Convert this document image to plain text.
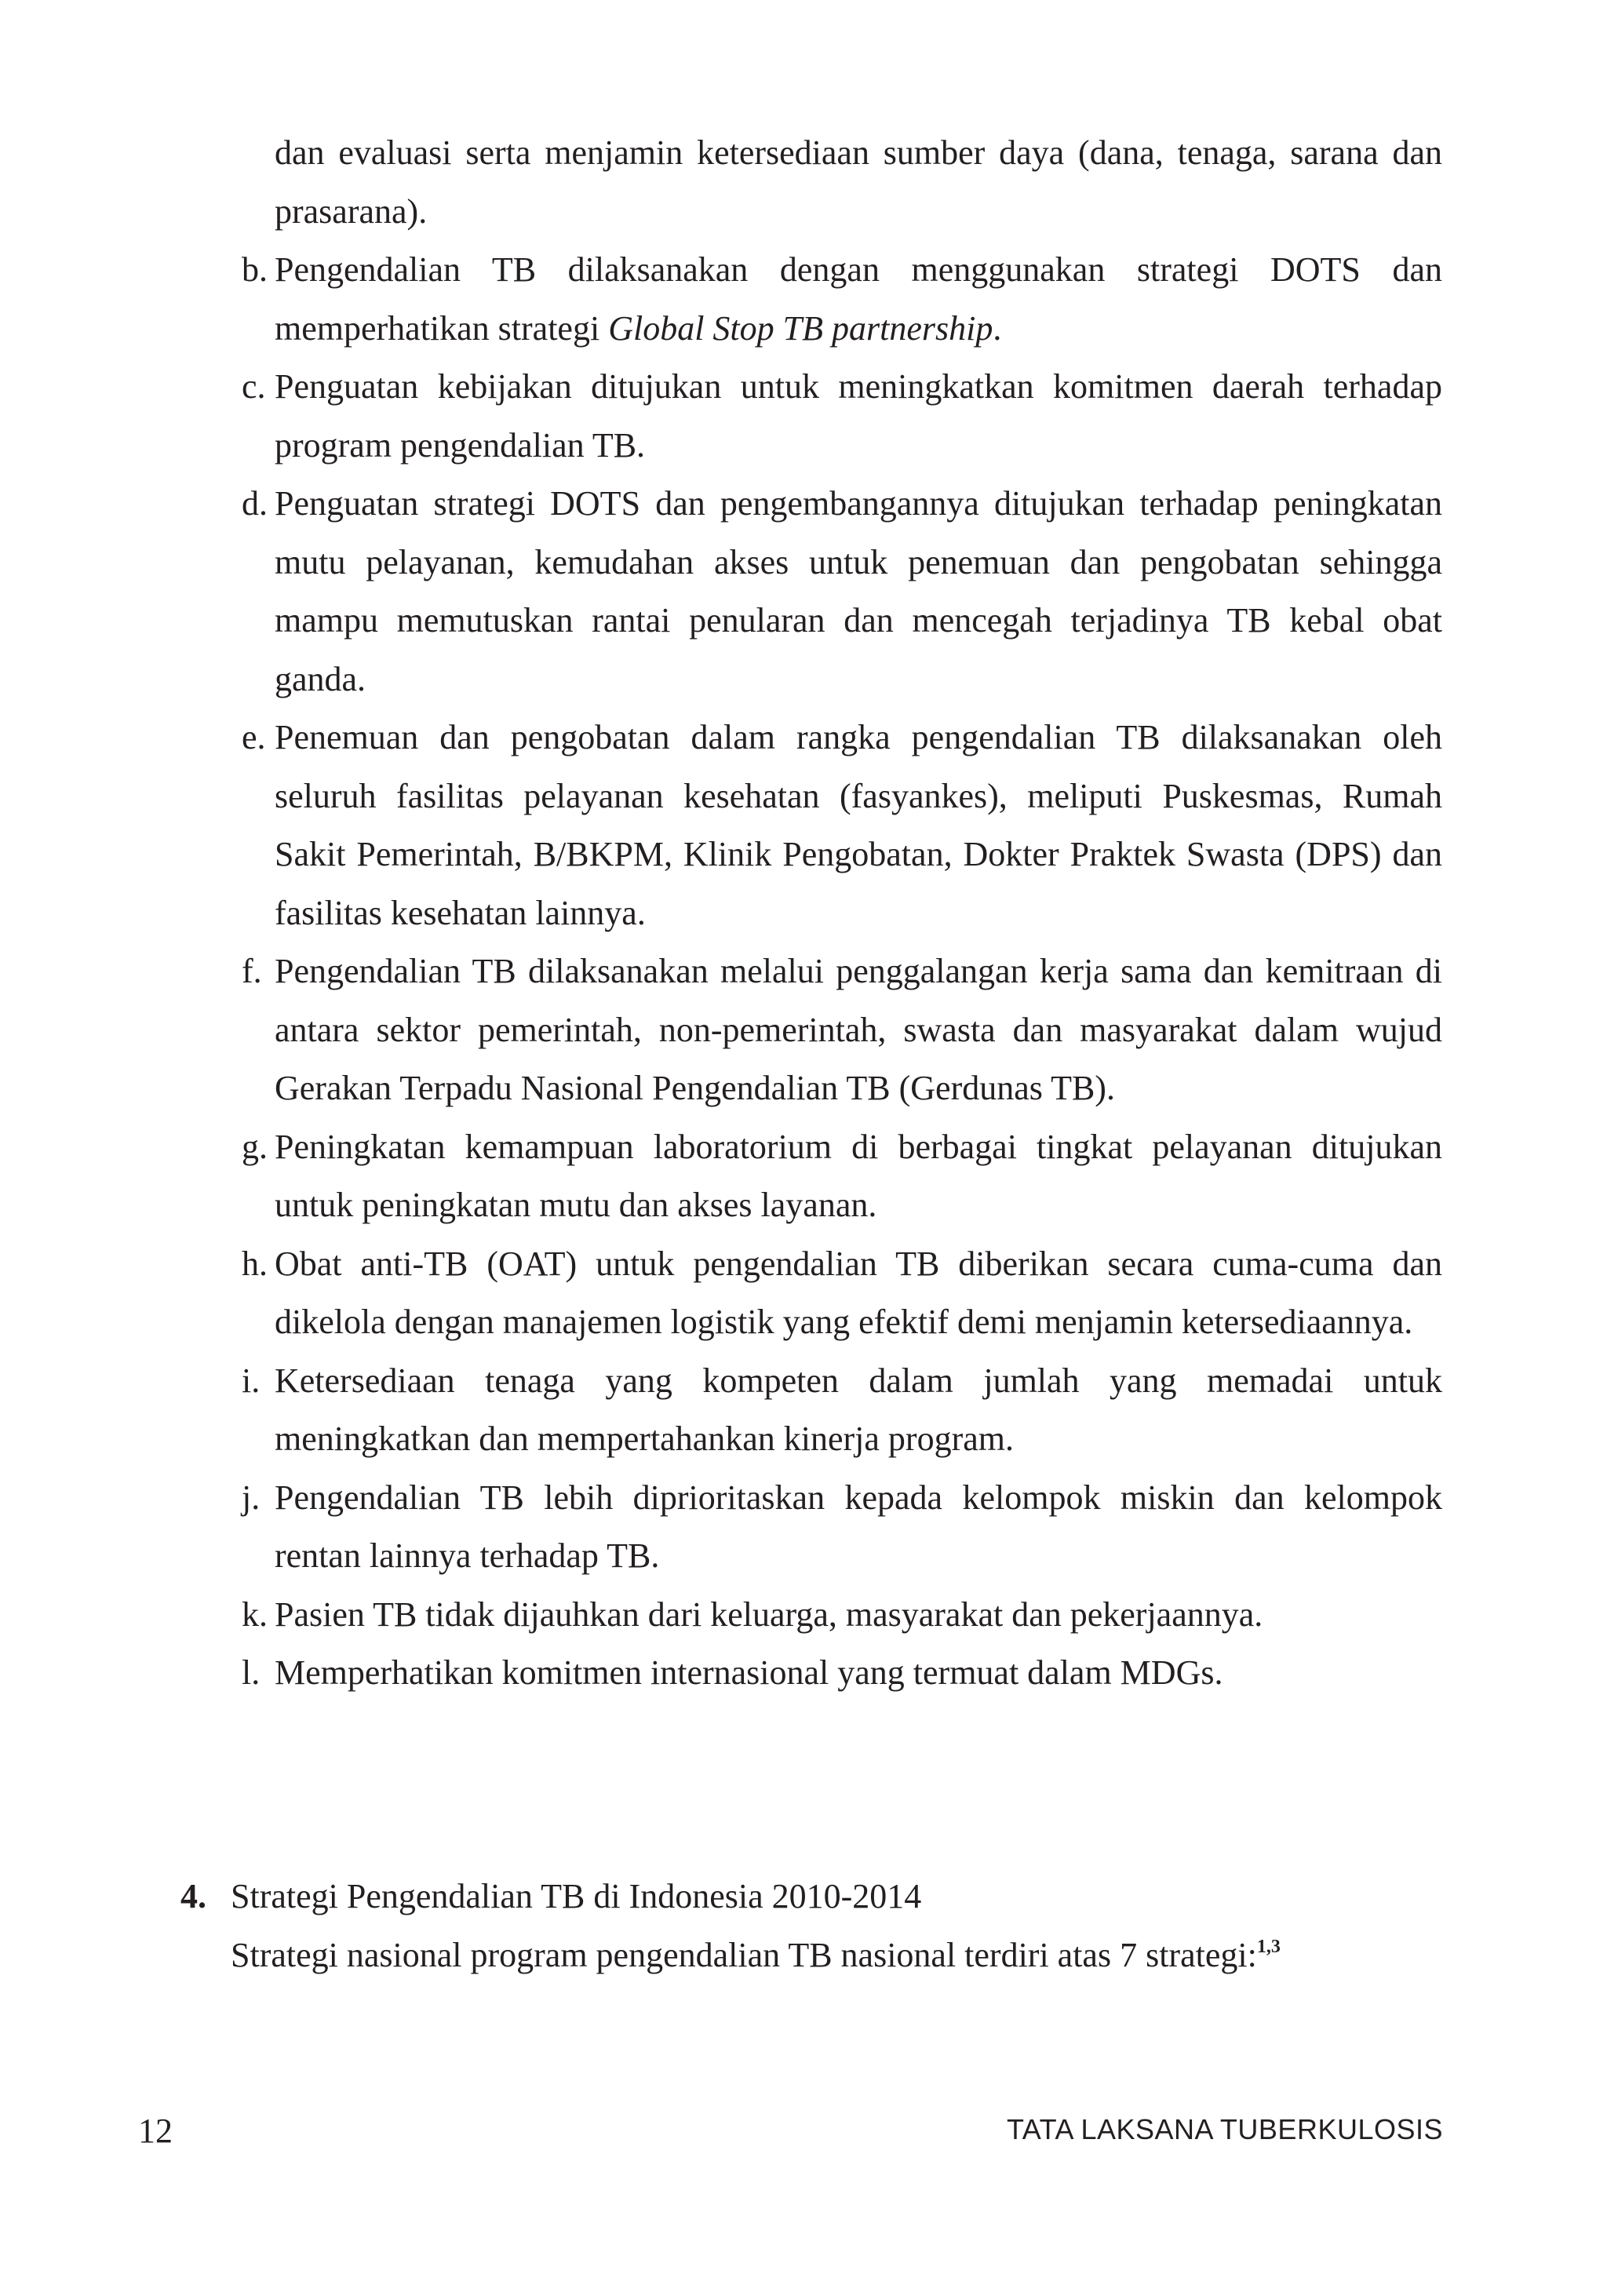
dan evaluasi serta menjamin ketersediaan sumber daya (dana, tenaga, sarana dan prasarana).
b. Pengendalian TB dilaksanakan dengan menggunakan strategi DOTS dan memperhatikan strategi Global Stop TB partnership.
c. Penguatan kebijakan ditujukan untuk meningkatkan komitmen daerah terhadap program pengendalian TB.
d. Penguatan strategi DOTS dan pengembangannya ditujukan terhadap peningkatan mutu pelayanan, kemudahan akses untuk penemuan dan pengobatan sehingga mampu memutuskan rantai penularan dan mencegah terjadinya TB kebal obat ganda.
e. Penemuan dan pengobatan dalam rangka pengendalian TB dilaksanakan oleh seluruh fasilitas pelayanan kesehatan (fasyankes), meliputi Puskesmas, Rumah Sakit Pemerintah, B/BKPM, Klinik Pengobatan, Dokter Praktek Swasta (DPS) dan fasilitas kesehatan lainnya.
f. Pengendalian TB dilaksanakan melalui penggalangan kerja sama dan kemitraan di antara sektor pemerintah, non-pemerintah, swasta dan masyarakat dalam wujud Gerakan Terpadu Nasional Pengendalian TB (Gerdunas TB).
g. Peningkatan kemampuan laboratorium di berbagai tingkat pelayanan ditujukan untuk peningkatan mutu dan akses layanan.
h. Obat anti-TB (OAT) untuk pengendalian TB diberikan secara cuma-cuma dan dikelola dengan manajemen logistik yang efektif demi menjamin ketersediaannya.
i. Ketersediaan tenaga yang kompeten dalam jumlah yang memadai untuk meningkatkan dan mempertahankan kinerja program.
j. Pengendalian TB lebih diprioritaskan kepada kelompok miskin dan kelompok rentan lainnya terhadap TB.
k. Pasien TB tidak dijauhkan dari keluarga, masyarakat dan pekerjaannya.
l. Memperhatikan komitmen internasional yang termuat dalam MDGs.
4. Strategi Pengendalian TB di Indonesia 2010-2014
Strategi nasional program pengendalian TB nasional terdiri atas 7 strategi:$^{1,3}$
12	TATA LAKSANA TUBERKULOSIS
